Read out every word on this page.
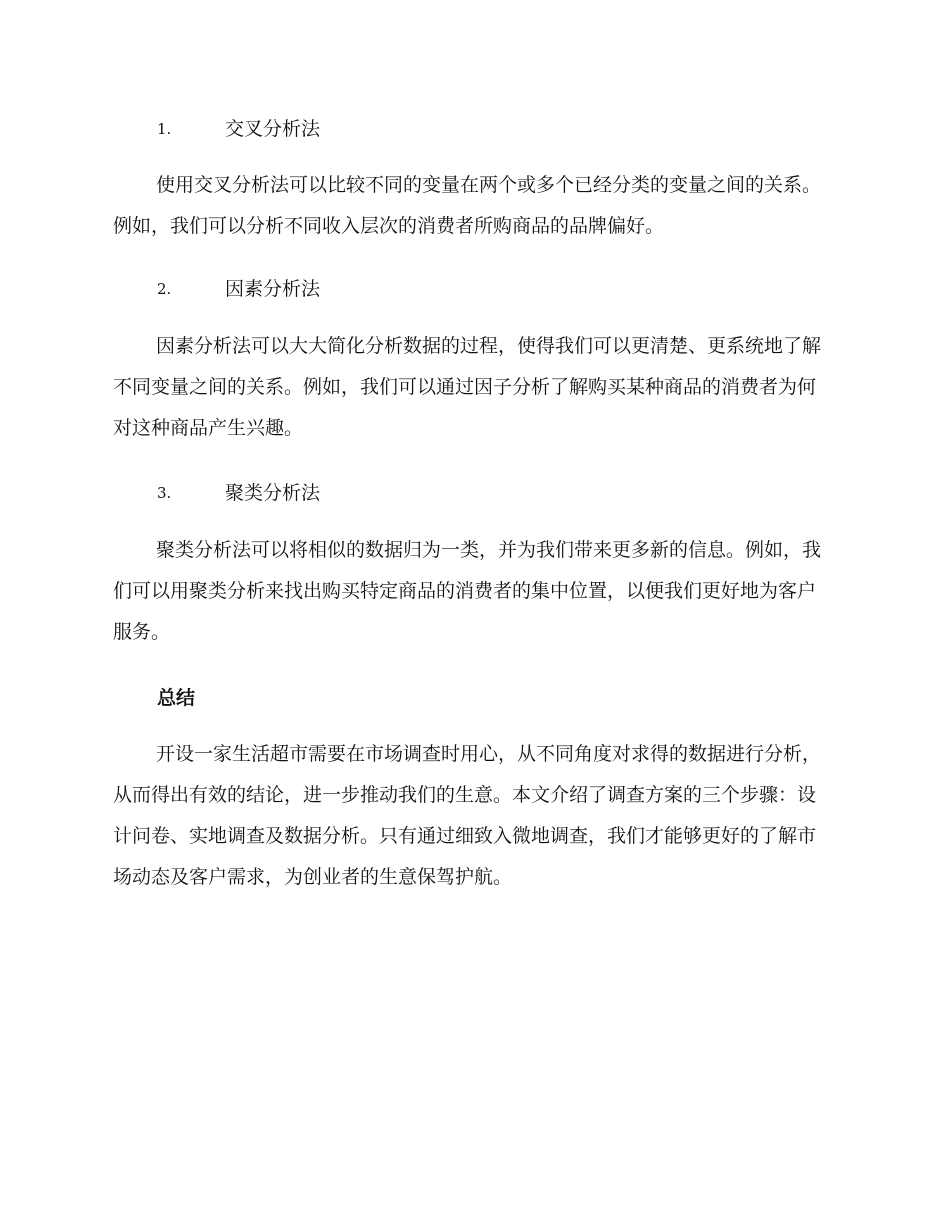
1.	交叉分析法

使用交叉分析法可以比较不同的变量在两个或多个已经分类的变量之间的关系。例如，我们可以分析不同收入层次的消费者所购商品的品牌偏好。

2.	因素分析法

因素分析法可以大大简化分析数据的过程，使得我们可以更清楚、更系统地了解不同变量之间的关系。例如，我们可以通过因子分析了解购买某种商品的消费者为何对这种商品产生兴趣。

3.	聚类分析法

聚类分析法可以将相似的数据归为一类，并为我们带来更多新的信息。例如，我们可以用聚类分析来找出购买特定商品的消费者的集中位置，以便我们更好地为客户服务。

总结

开设一家生活超市需要在市场调查时用心，从不同角度对求得的数据进行分析，从而得出有效的结论，进一步推动我们的生意。本文介绍了调查方案的三个步骤：设计问卷、实地调查及数据分析。只有通过细致入微地调查，我们才能够更好的了解市场动态及客户需求，为创业者的生意保驾护航。
